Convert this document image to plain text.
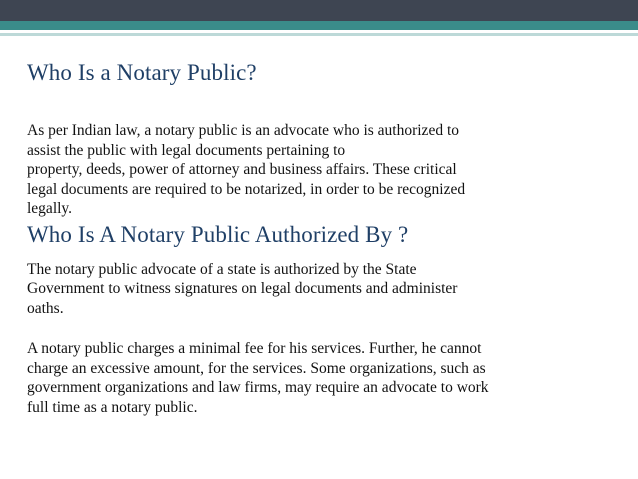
Who Is a Notary Public?

As per Indian law, a notary public is an advocate who is authorized to
assist the public with legal documents pertaining to
property, deeds, power of attorney and business affairs. These critical
legal documents are required to be notarized, in order to be recognized
legally.

Who Is A Notary Public Authorized By ?

The notary public advocate of a state is authorized by the State
Government to witness signatures on legal documents and administer
oaths.

A notary public charges a minimal fee for his services. Further, he cannot
charge an excessive amount, for the services. Some organizations, such as
government organizations and law firms, may require an advocate to work
full time as a notary public.
